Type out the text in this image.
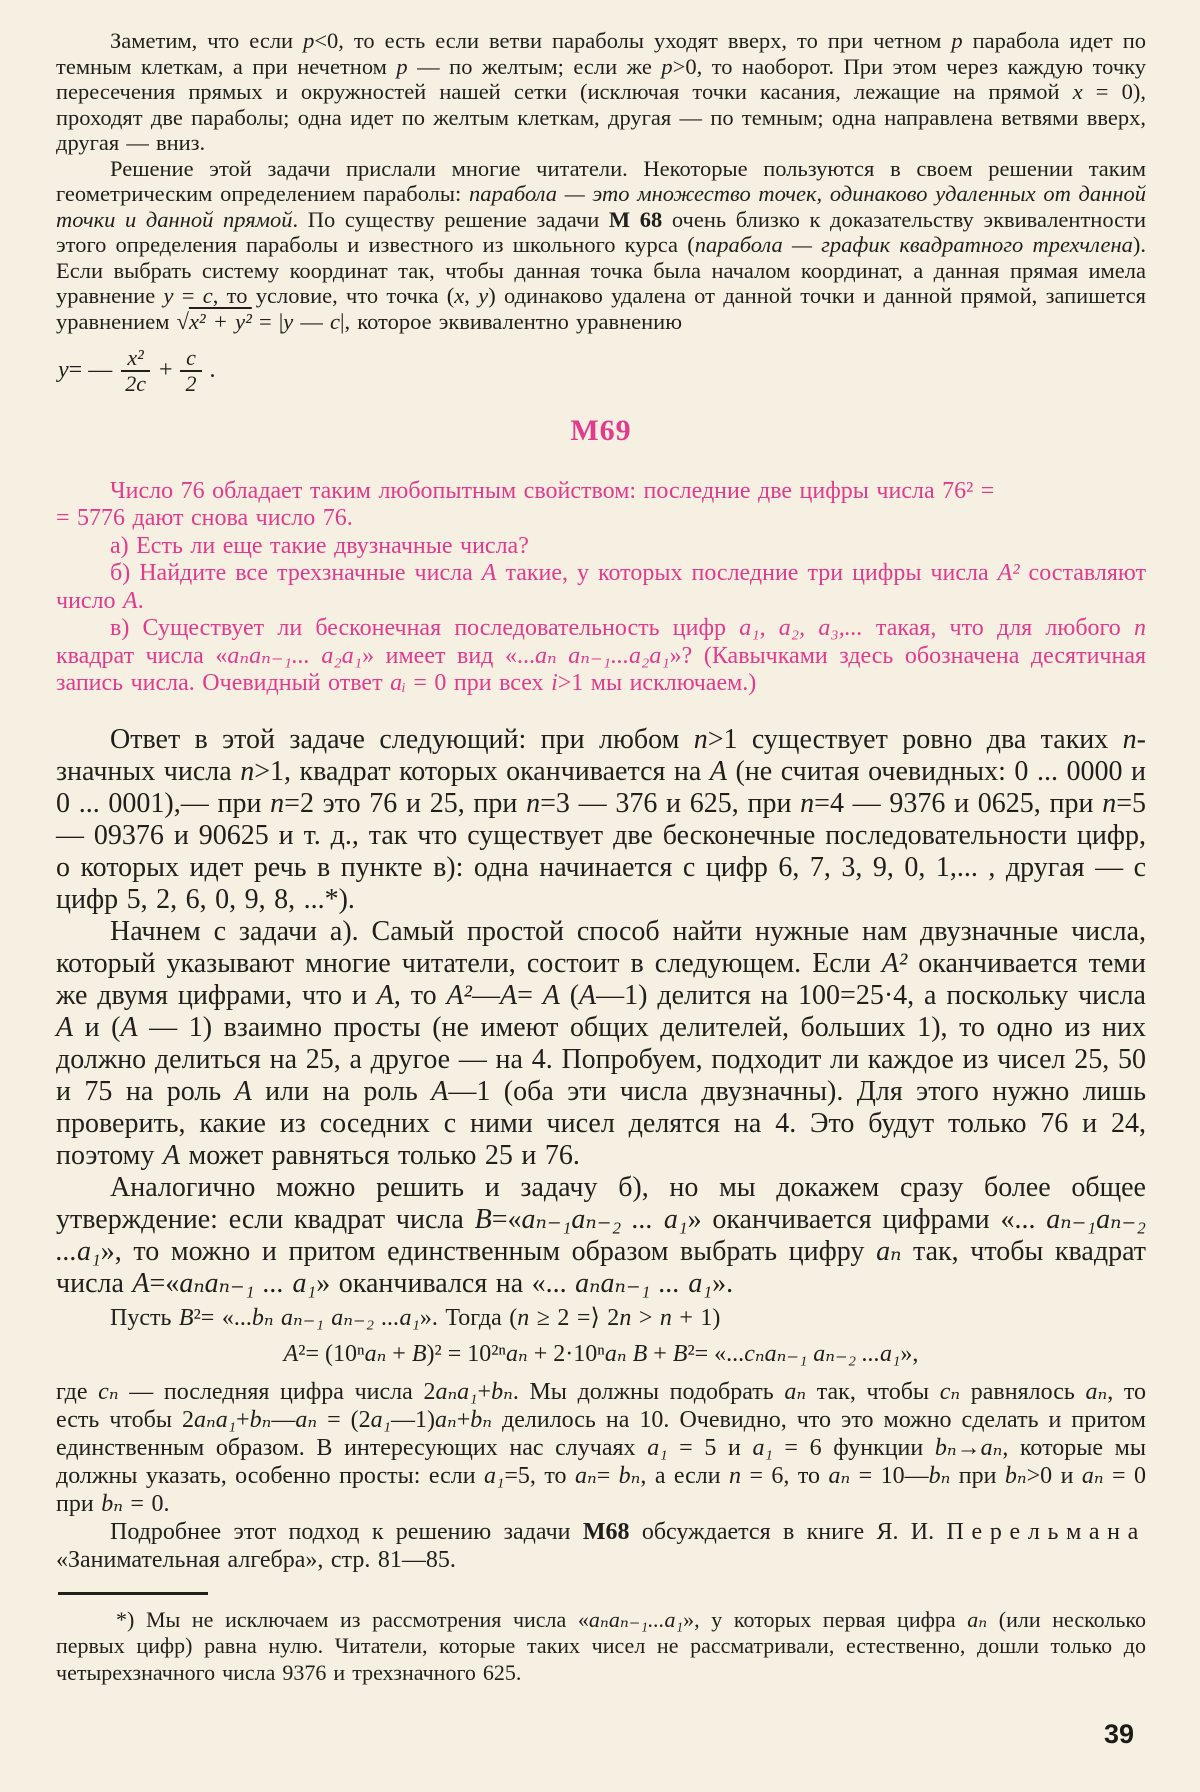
Заметим, что если p<0, то есть если ветви параболы уходят вверх, то при четном p парабола идет по темным клеткам, а при нечетном p — по желтым; если же p>0, то наоборот. При этом через каждую точку пересечения прямых и окружностей нашей сетки (исключая точки касания, лежащие на прямой x = 0), проходят две параболы; одна идет по желтым клеткам, другая — по темным; одна направлена ветвями вверх, другая — вниз.

Решение этой задачи прислали многие читатели. Некоторые пользуются в своем решении таким геометрическим определением параболы: парабола — это множество точек, одинаково удаленных от данной точки и данной прямой. По существу решение задачи М 68 очень близко к доказательству эквивалентности этого определения параболы и известного из школьного курса (парабола — график квадратного трехчлена). Если выбрать систему координат так, чтобы данная точка была началом координат, а данная прямая имела уравнение y = c, то условие, что точка (x, y) одинаково удалена от данной точки и данной прямой, запишется уравнением √x² + y² = |y — c|, которое эквивалентно уравнению

y = — $\frac{\text{x²}}{2c} + \frac{c}{2}$ .
М69

Число 76 обладает таким любопытным свойством: последние две цифры числа 76² =
= 5776 дают снова число 76.

а) Есть ли еще такие двузначные числа?

б) Найдите все трехзначные числа А такие, у которых последние три цифры числа А² составляют число А.

в) Существует ли бесконечная последовательность цифр a₁, a₂, a₃,... такая, что для любого n квадрат числа «aₙaₙ₋₁... a₂a₁» имеет вид «...aₙ aₙ₋₁...a₂a₁»? (Кавычками здесь обозначена десятичная запись числа. Очевидный ответ aᵢ = 0 при всех i>1 мы исключаем.)

Ответ в этой задаче следующий: при любом n>1 существует ровно два таких n-значных числа n>1, квадрат которых оканчивается на А (не считая очевидных: 0 ... 0000 и 0 ... 0001),— при n=2 это 76 и 25, при n=3 — 376 и 625, при n=4 — 9376 и 0625, при n=5 — 09376 и 90625 и т. д., так что существует две бесконечные последовательности цифр, о которых идет речь в пункте в): одна начинается с цифр 6, 7, 3, 9, 0, 1,... , другая — с цифр 5, 2, 6, 0, 9, 8, ...*).

Начнем с задачи а). Самый простой способ найти нужные нам двузначные числа, который указывают многие читатели, состоит в следующем. Если А² оканчивается теми же двумя цифрами, что и А, то А²—А= А (А—1) делится на 100=25·4, а поскольку числа А и (А — 1) взаимно просты (не имеют общих делителей, больших 1), то одно из них должно делиться на 25, а другое — на 4. Попробуем, подходит ли каждое из чисел 25, 50 и 75 на роль А или на роль А—1 (оба эти числа двузначны). Для этого нужно лишь проверить, какие из соседних с ними чисел делятся на 4. Это будут только 76 и 24, поэтому А может равняться только 25 и 76.

Аналогично можно решить и задачу б), но мы докажем сразу более общее утверждение: если квадрат числа B=«aₙ₋₁aₙ₋₂ ... a₁» оканчивается цифрами «... aₙ₋₁aₙ₋₂ ...a₁», то можно и притом единственным образом выбрать цифру aₙ так, чтобы квадрат числа А=«aₙaₙ₋₁ ... a₁» оканчивался на «... aₙaₙ₋₁ ... a₁».

Пусть B²= «...bₙ aₙ₋₁ aₙ₋₂ ...a₁». Тогда (n ≥ 2 =⟩ 2n > n + 1)

А²= (10ⁿaₙ + B)² = 10²ⁿaₙ + 2·10ⁿaₙ B + B²= «...cₙaₙ₋₁ aₙ₋₂ ...a₁»,

где cₙ — последняя цифра числа 2aₙa₁+bₙ. Мы должны подобрать aₙ так, чтобы cₙ равнялось aₙ, то есть чтобы 2aₙa₁+bₙ—aₙ = (2a₁—1)aₙ+bₙ делилось на 10. Очевидно, что это можно сделать и притом единственным образом. В интересующих нас случаях a₁ = 5 и a₁ = 6 функции bₙ→aₙ, которые мы должны указать, особенно просты: если a₁=5, то aₙ= bₙ, а если n = 6, то aₙ = 10—bₙ при bₙ>0 и aₙ = 0 при bₙ = 0.

Подробнее этот подход к решению задачи М68 обсуждается в книге Я. И. Перельмана «Занимательная алгебра», стр. 81—85.

*) Мы не исключаем из рассмотрения числа «aₙaₙ₋₁...a₁», у которых первая цифра aₙ (или несколько первых цифр) равна нулю. Читатели, которые таких чисел не рассматривали, естественно, дошли только до четырехзначного числа 9376 и трехзначного 625.

39
